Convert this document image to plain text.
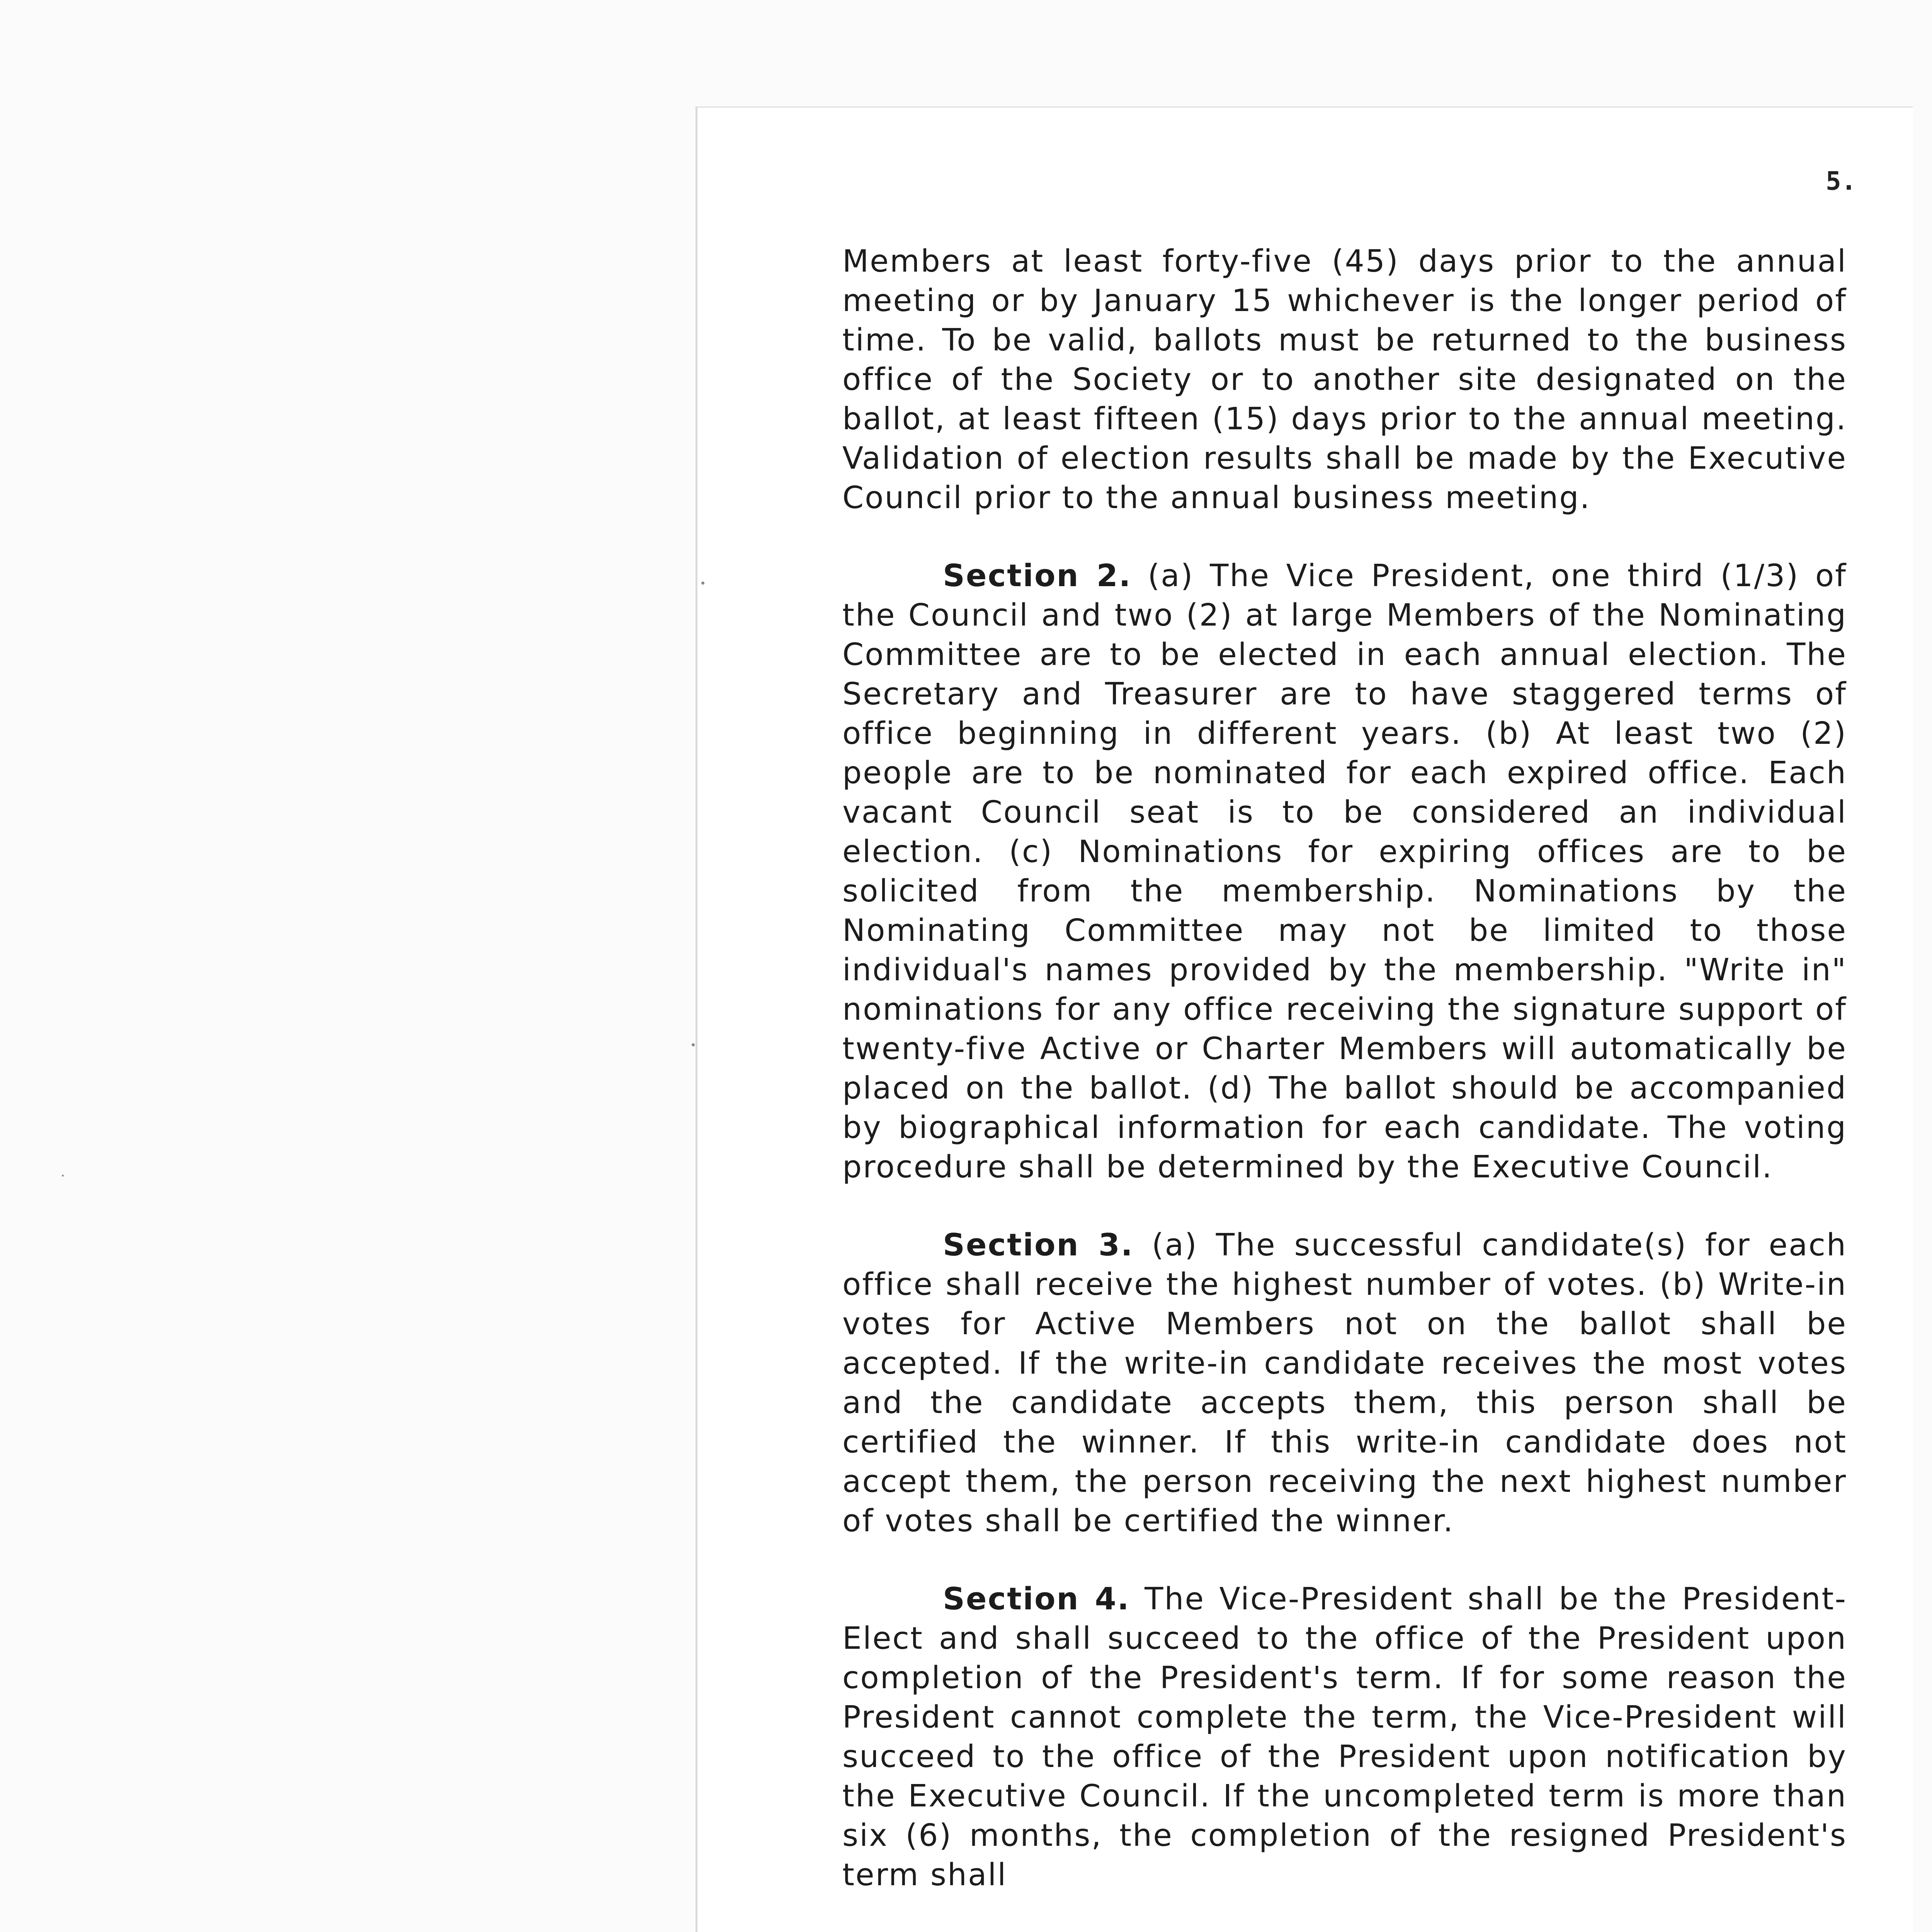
5.

Members at least forty-five (45) days prior to the annual meeting or by January 15 whichever is the longer period of time. To be valid, ballots must be returned to the business office of the Society or to another site designated on the ballot, at least fifteen (15) days prior to the annual meeting. Validation of election results shall be made by the Executive Council prior to the annual business meeting.

Section 2. (a) The Vice President, one third (1/3) of the Council and two (2) at large Members of the Nominating Committee are to be elected in each annual election. The Secretary and Treasurer are to have staggered terms of office beginning in different years. (b) At least two (2) people are to be nominated for each expired office. Each vacant Council seat is to be considered an individual election. (c) Nominations for expiring offices are to be solicited from the membership. Nominations by the Nominating Committee may not be limited to those individual's names provided by the membership. "Write in" nominations for any office receiving the signature support of twenty-five Active or Charter Members will automatically be placed on the ballot. (d) The ballot should be accompanied by biographical information for each candidate. The voting procedure shall be determined by the Executive Council.

Section 3. (a) The successful candidate(s) for each office shall receive the highest number of votes. (b) Write-in votes for Active Members not on the ballot shall be accepted. If the write-in candidate receives the most votes and the candidate accepts them, this person shall be certified the winner. If this write-in candidate does not accept them, the person receiving the next highest number of votes shall be certified the winner.

Section 4. The Vice-President shall be the President-Elect and shall succeed to the office of the President upon completion of the President's term. If for some reason the President cannot complete the term, the Vice-President will succeed to the office of the President upon notification by the Executive Council. If the uncompleted term is more than six (6) months, the completion of the resigned President's term shall
